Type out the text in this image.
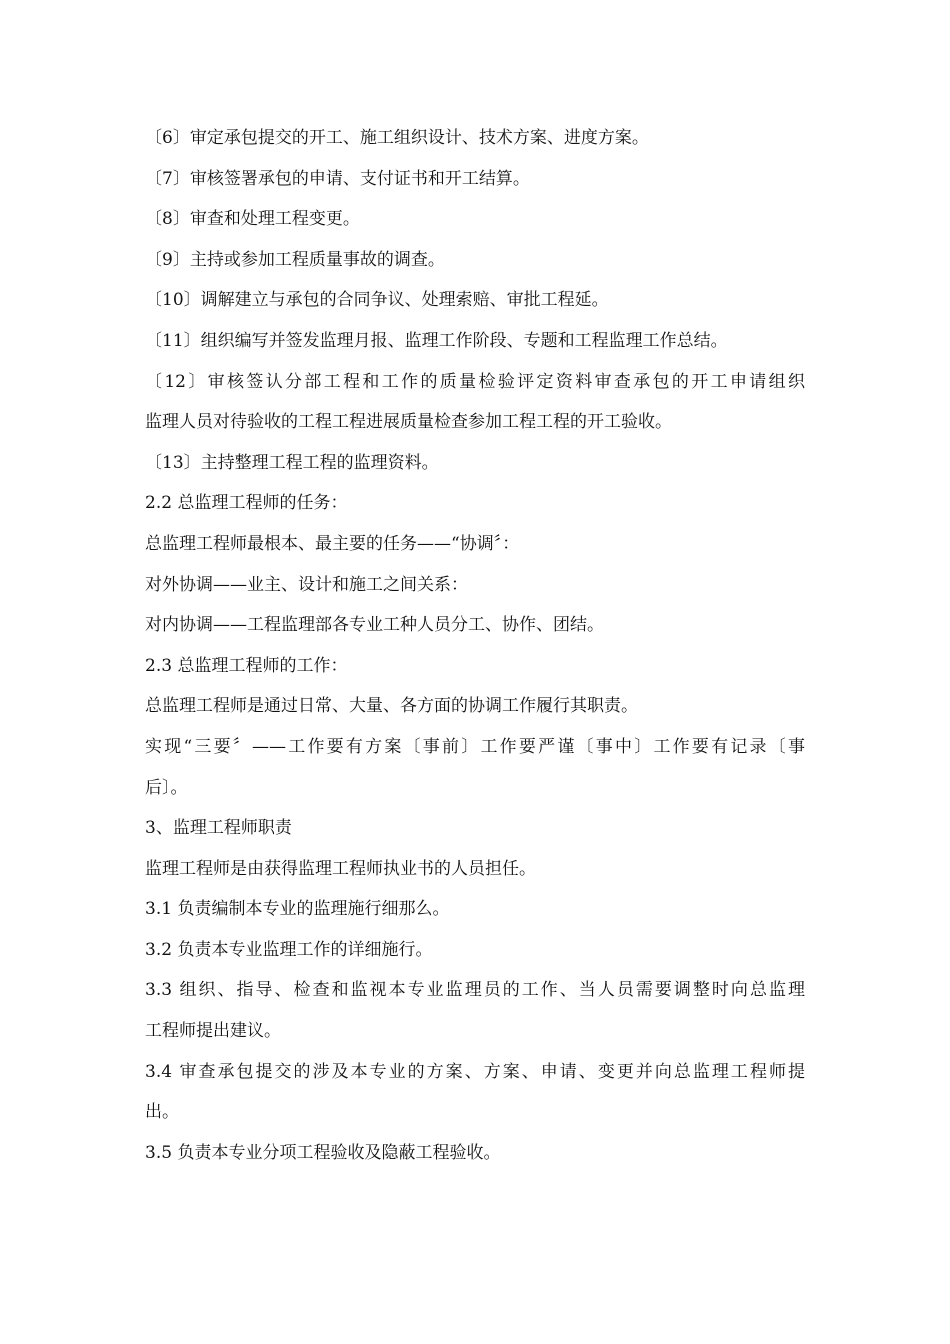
〔6〕审定承包提交的开工、施工组织设计、技术方案、进度方案。
〔7〕审核签署承包的申请、支付证书和开工结算。
〔8〕审查和处理工程变更。
〔9〕主持或参加工程质量事故的调查。
〔10〕调解建立与承包的合同争议、处理索赔、审批工程延。
〔11〕组织编写并签发监理月报、监理工作阶段、专题和工程监理工作总结。
〔12〕审核签认分部工程和工作的质量检验评定资料审查承包的开工申请组织
监理人员对待验收的工程工程进展质量检查参加工程工程的开工验收。
〔13〕主持整理工程工程的监理资料。
2.2 总监理工程师的任务：
总监理工程师最根本、最主要的任务——“协调〞：
对外协调——业主、设计和施工之间关系：
对内协调——工程监理部各专业工种人员分工、协作、团结。
2.3 总监理工程师的工作：
总监理工程师是通过日常、大量、各方面的协调工作履行其职责。
实现“三要〞——工作要有方案〔事前〕工作要严谨〔事中〕工作要有记录〔事
后〕。
3、监理工程师职责
监理工程师是由获得监理工程师执业书的人员担任。
3.1 负责编制本专业的监理施行细那么。
3.2 负责本专业监理工作的详细施行。
3.3 组织、指导、检查和监视本专业监理员的工作、当人员需要调整时向总监理
工程师提出建议。
3.4 审查承包提交的涉及本专业的方案、方案、申请、变更并向总监理工程师提
出。
3.5 负责本专业分项工程验收及隐蔽工程验收。
